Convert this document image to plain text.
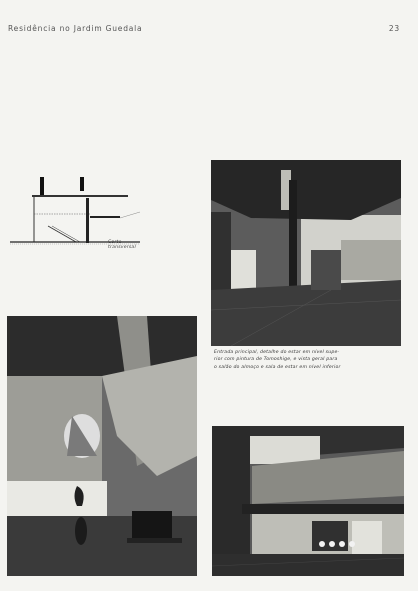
Residência no Jardim Guedala	23
Corte transversal
Entrada principal, detalhe do estar em nível supe-
rior com pintura de Tomoshige, e vista geral para
o salão do almoço e sala de estar em nível inferior
